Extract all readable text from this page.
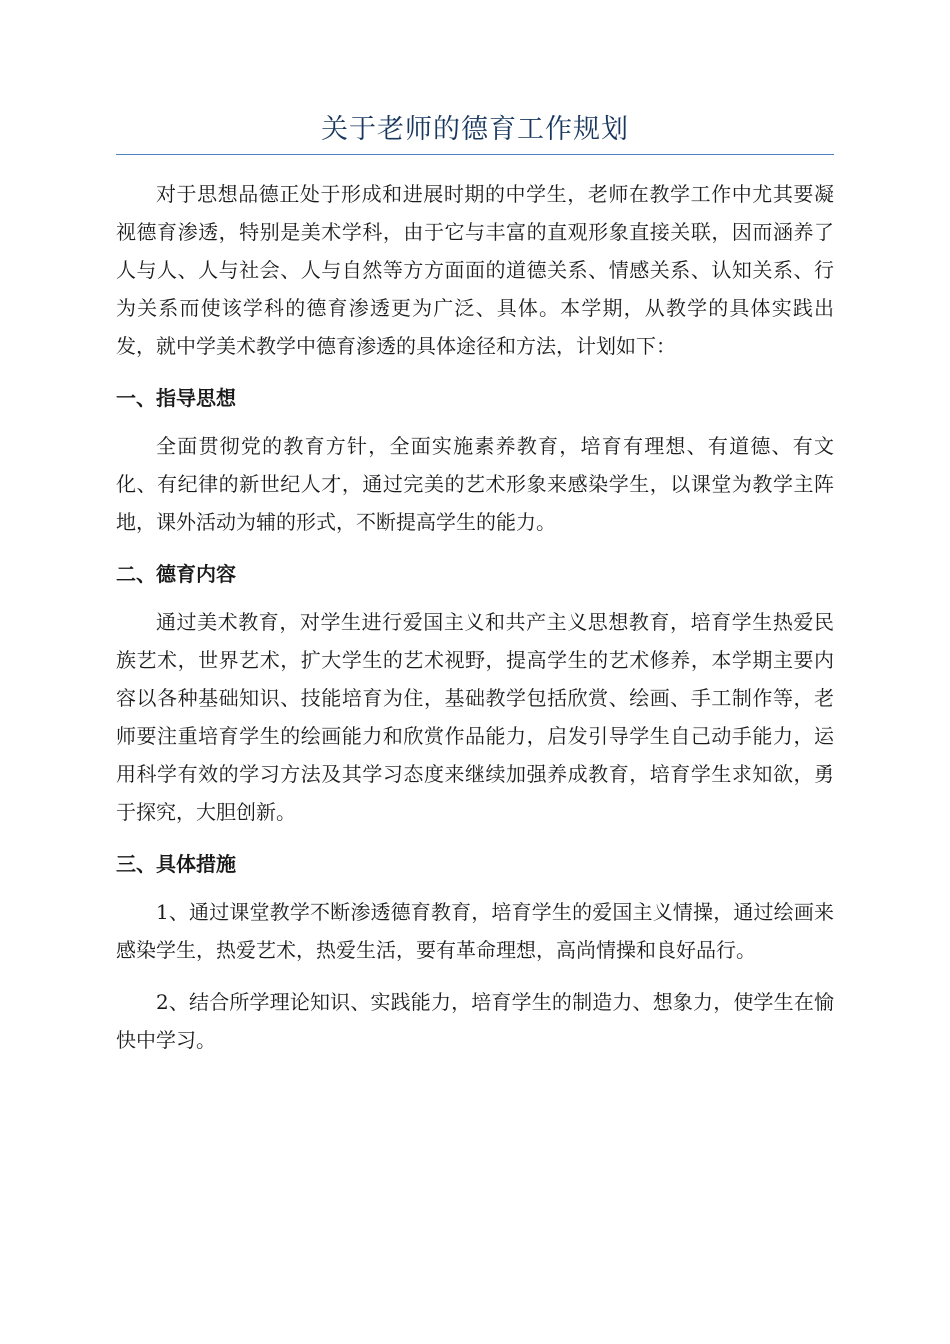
关于老师的德育工作规划

对于思想品德正处于形成和进展时期的中学生，老师在教学工作中尤其要凝视德育渗透，特别是美术学科，由于它与丰富的直观形象直接关联，因而涵养了人与人、人与社会、人与自然等方方面面的道德关系、情感关系、认知关系、行为关系而使该学科的德育渗透更为广泛、具体。本学期，从教学的具体实践出发，就中学美术教学中德育渗透的具体途径和方法，计划如下：

一、指导思想

全面贯彻党的教育方针，全面实施素养教育，培育有理想、有道德、有文化、有纪律的新世纪人才，通过完美的艺术形象来感染学生，以课堂为教学主阵地，课外活动为辅的形式，不断提高学生的能力。

二、德育内容

通过美术教育，对学生进行爱国主义和共产主义思想教育，培育学生热爱民族艺术，世界艺术，扩大学生的艺术视野，提高学生的艺术修养，本学期主要内容以各种基础知识、技能培育为住，基础教学包括欣赏、绘画、手工制作等，老师要注重培育学生的绘画能力和欣赏作品能力，启发引导学生自己动手能力，运用科学有效的学习方法及其学习态度来继续加强养成教育，培育学生求知欲，勇于探究，大胆创新。

三、具体措施

1、通过课堂教学不断渗透德育教育，培育学生的爱国主义情操，通过绘画来感染学生，热爱艺术，热爱生活，要有革命理想，高尚情操和良好品行。

2、结合所学理论知识、实践能力，培育学生的制造力、想象力，使学生在愉快中学习。
